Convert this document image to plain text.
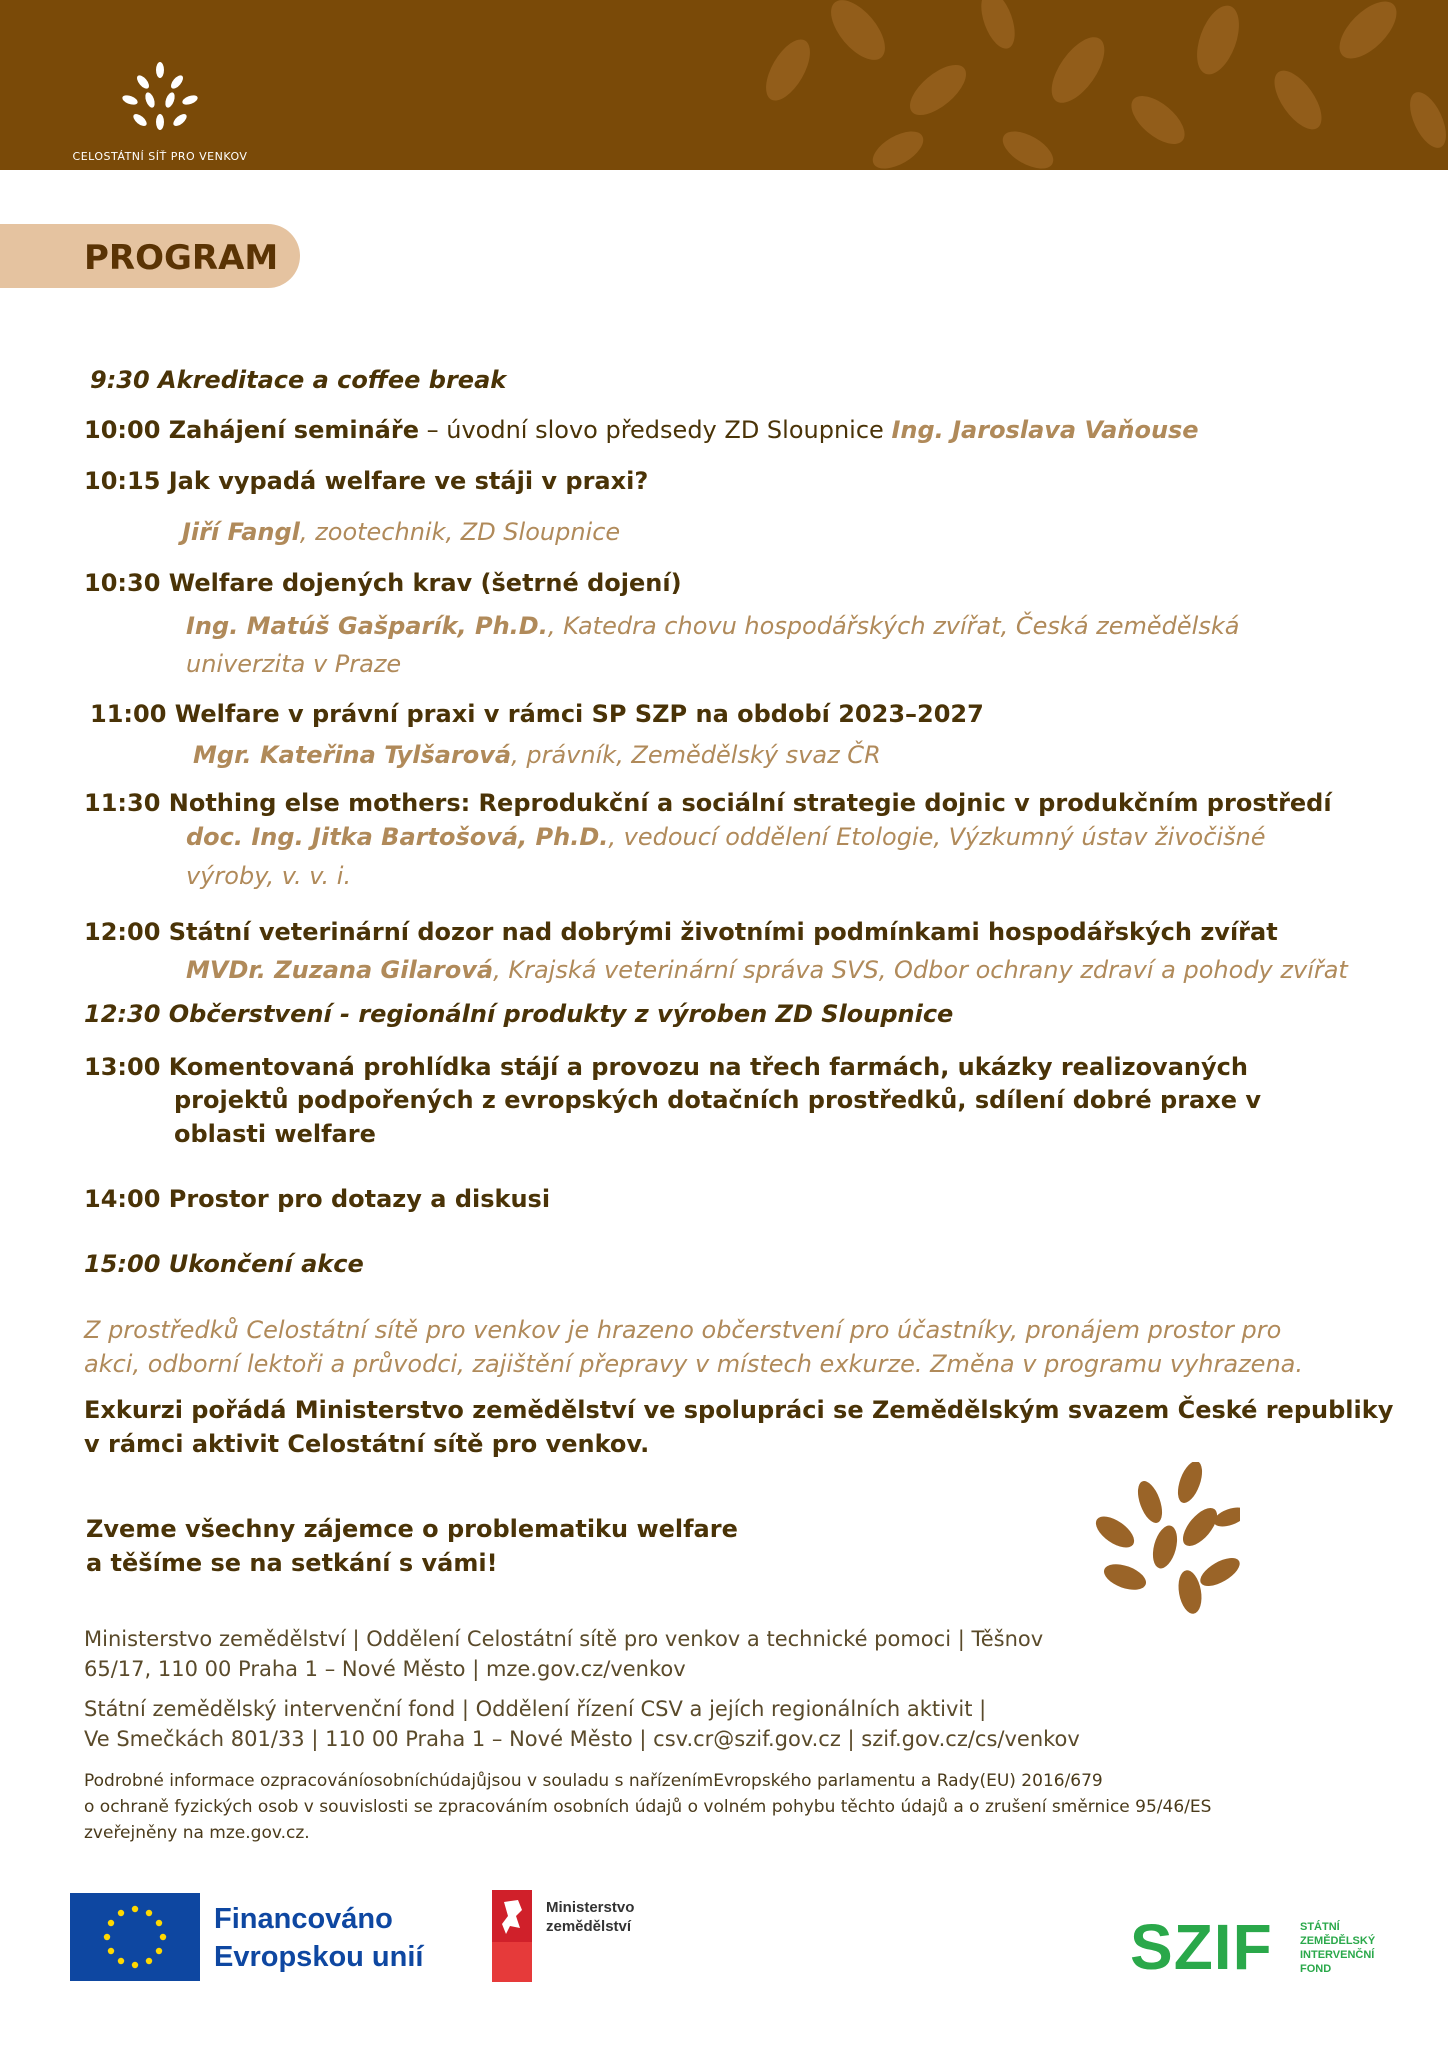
CELOSTÁTNÍ SÍŤ PRO VENKOV
PROGRAM
9:30 Akreditace a coffee break
10:00 Zahájení semináře – úvodní slovo předsedy ZD Sloupnice Ing. Jaroslava Vaňouse
10:15 Jak vypadá welfare ve stáji v praxi?
Jiří Fangl, zootechnik, ZD Sloupnice
10:30 Welfare dojených krav (šetrné dojení)
Ing. Matúš Gašparík, Ph.D., Katedra chovu hospodářských zvířat, Česká zemědělská
univerzita v Praze
11:00 Welfare v právní praxi v rámci SP SZP na období 2023–2027
Mgr. Kateřina Tylšarová, právník, Zemědělský svaz ČR
11:30 Nothing else mothers: Reprodukční a sociální strategie dojnic v produkčním prostředí
doc. Ing. Jitka Bartošová, Ph.D., vedoucí oddělení Etologie, Výzkumný ústav živočišné
výroby, v. v. i.
12:00 Státní veterinární dozor nad dobrými životními podmínkami hospodářských zvířat
MVDr. Zuzana Gilarová, Krajská veterinární správa SVS, Odbor ochrany zdraví a pohody zvířat
12:30 Občerstvení - regionální produkty z výroben ZD Sloupnice
13:00 Komentovaná prohlídka stájí a provozu na třech farmách, ukázky realizovaných
projektů podpořených z evropských dotačních prostředků, sdílení dobré praxe v
oblasti welfare
14:00 Prostor pro dotazy a diskusi
15:00 Ukončení akce
Z prostředků Celostátní sítě pro venkov je hrazeno občerstvení pro účastníky, pronájem prostor pro
akci, odborní lektoři a průvodci, zajištění přepravy v místech exkurze. Změna v programu vyhrazena.
Exkurzi pořádá Ministerstvo zemědělství ve spolupráci se Zemědělským svazem České republiky
v rámci aktivit Celostátní sítě pro venkov.
Zveme všechny zájemce o problematiku welfare
a těšíme se na setkání s vámi!
Ministerstvo zemědělství | Oddělení Celostátní sítě pro venkov a technické pomoci | Těšnov
65/17, 110 00 Praha 1 – Nové Město | mze.gov.cz/venkov
Státní zemědělský intervenční fond | Oddělení řízení CSV a jejích regionálních aktivit |
Ve Smečkách 801/33 | 110 00 Praha 1 – Nové Město | csv.cr@szif.gov.cz | szif.gov.cz/cs/venkov
Podrobné informace ozpracováníosobníchúdajůjsou v souladu s nařízenímEvropského parlamentu a Rady(EU) 2016/679
o ochraně fyzických osob v souvislosti se zpracováním osobních údajů o volném pohybu těchto údajů a o zrušení směrnice 95/46/ES
zveřejněny na mze.gov.cz.
Financováno
Evropskou unií
Ministerstvo
zemědělství	SZIF STÁTNÍ
ZEMĚDĚLSKÝ
INTERVENČNÍ
FOND
